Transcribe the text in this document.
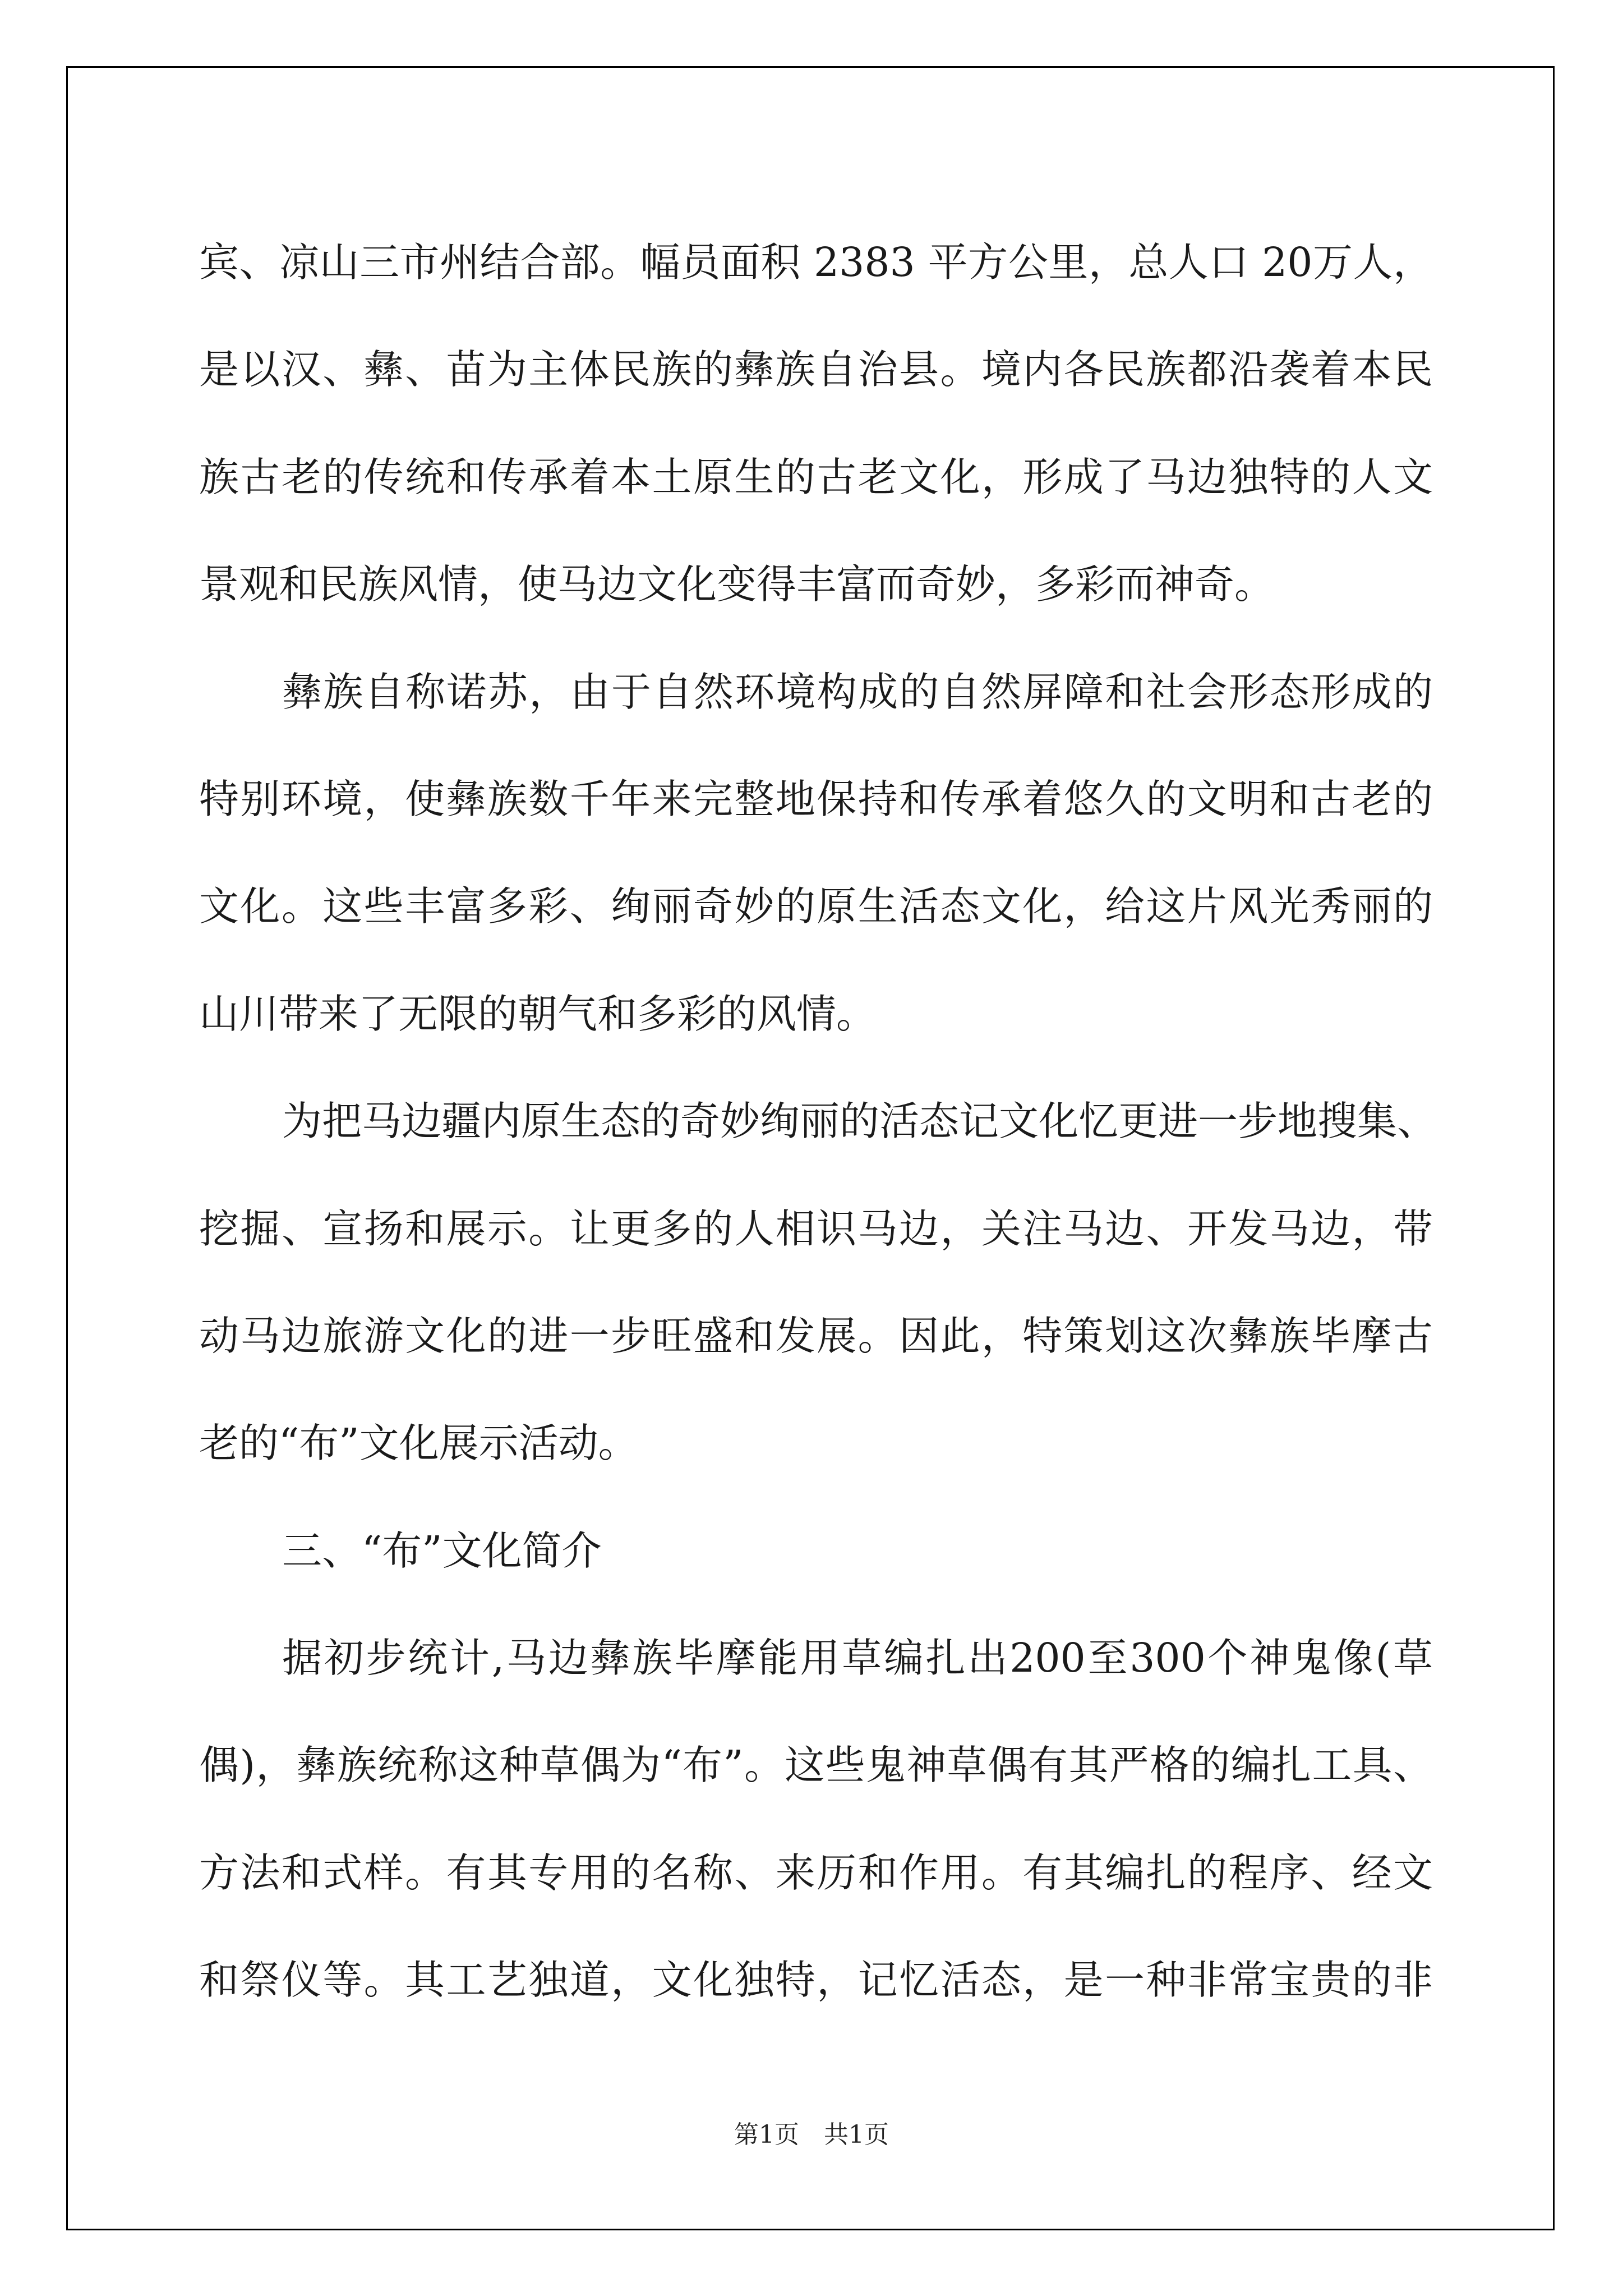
宾、凉山三市州结合部。幅员面积 2383 平方公里，总人口 20万人，
是以汉、彝、苗为主体民族的彝族自治县。境内各民族都沿袭着本民
族古老的传统和传承着本土原生的古老文化，形成了马边独特的人文
景观和民族风情，使马边文化变得丰富而奇妙，多彩而神奇。
彝族自称诺苏，由于自然环境构成的自然屏障和社会形态形成的
特别环境，使彝族数千年来完整地保持和传承着悠久的文明和古老的
文化。这些丰富多彩、绚丽奇妙的原生活态文化，给这片风光秀丽的
山川带来了无限的朝气和多彩的风情。
为把马边疆内原生态的奇妙绚丽的活态记文化忆更进一步地搜集、
挖掘、宣扬和展示。让更多的人相识马边，关注马边、开发马边，带
动马边旅游文化的进一步旺盛和发展。因此，特策划这次彝族毕摩古
老的“布”文化展示活动。
三、“布”文化简介
据初步统计,马边彝族毕摩能用草编扎出200至300个神鬼像(草
偶)，彝族统称这种草偶为“布”。这些鬼神草偶有其严格的编扎工具、
方法和式样。有其专用的名称、来历和作用。有其编扎的程序、经文
和祭仪等。其工艺独道，文化独特，记忆活态，是一种非常宝贵的非
第1页　共1页
